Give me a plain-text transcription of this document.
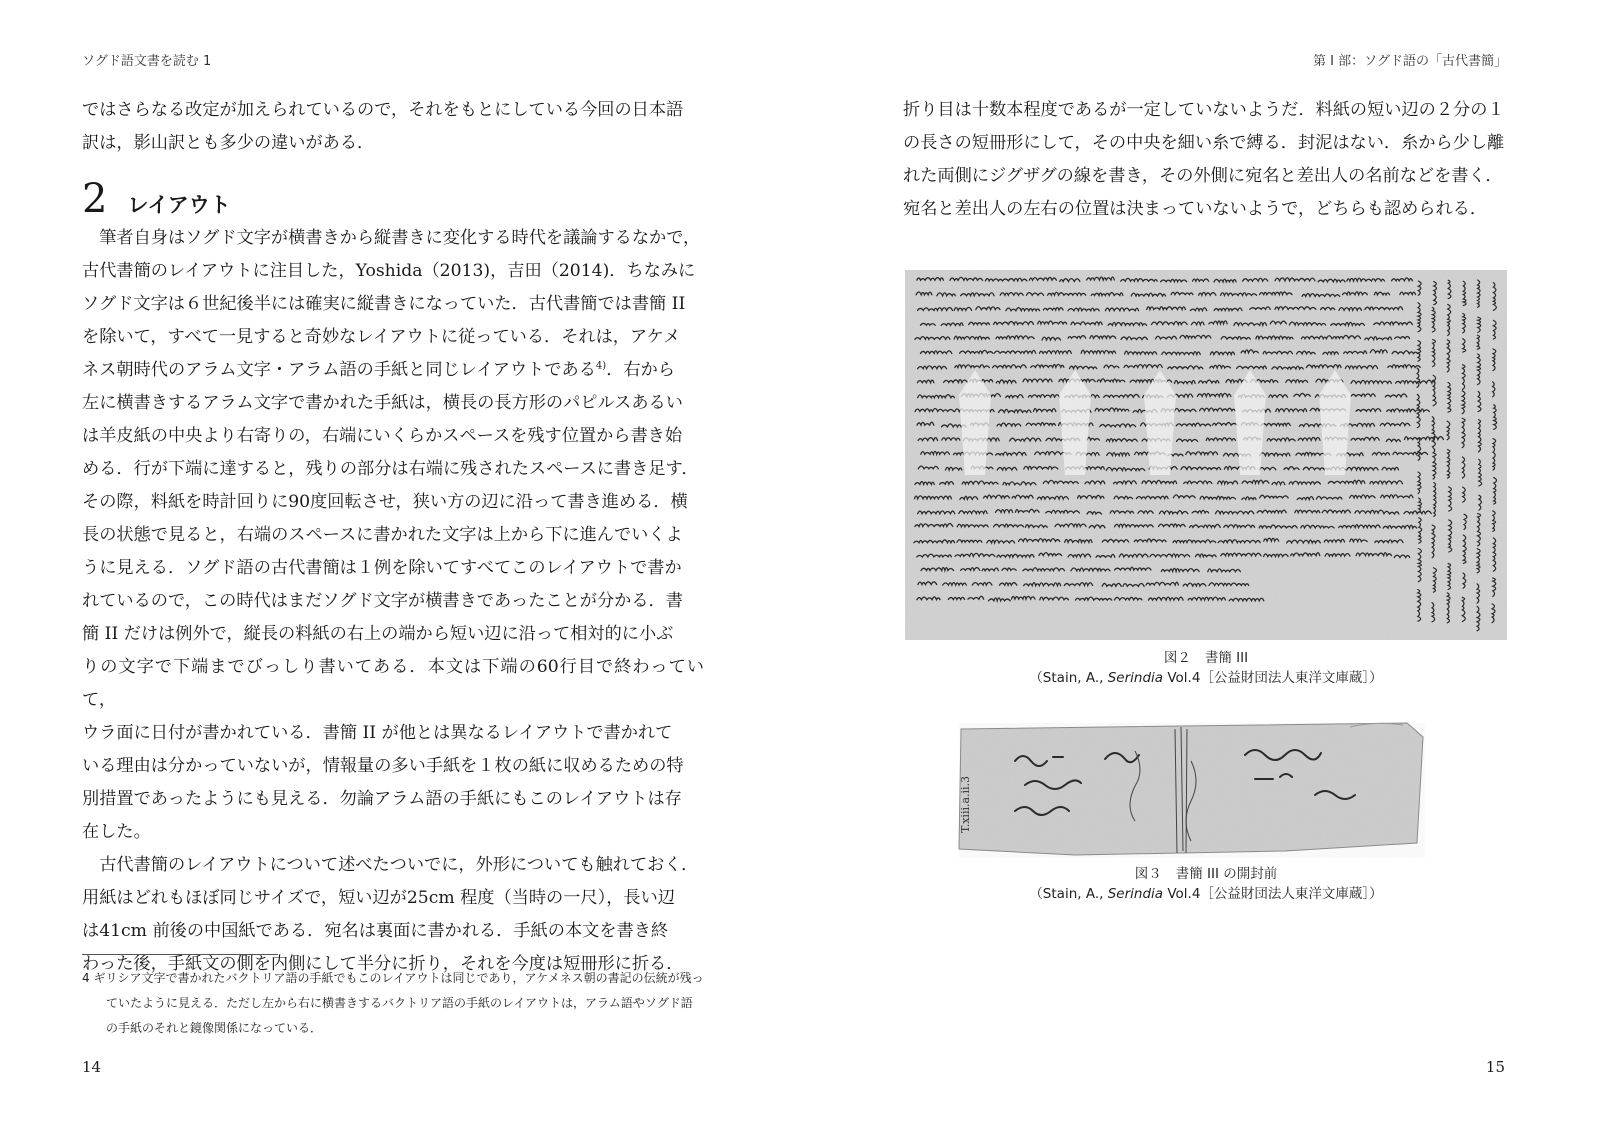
ソグド語文書を読む 1

ではさらなる改定が加えられているので，それをもとにしている今回の日本語

訳は，影山訳とも多少の違いがある．

2 レイアウト

筆者自身はソグド文字が横書きから縦書きに変化する時代を議論するなかで，

古代書簡のレイアウトに注目した，Yoshida（2013)，吉田（2014)．ちなみに

ソグド文字は６世紀後半には確実に縦書きになっていた．古代書簡では書簡 II

を除いて，すべて一見すると奇妙なレイアウトに従っている．それは，アケメ

ネス朝時代のアラム文字・アラム語の手紙と同じレイアウトである$^{4)}$．右から

左に横書きするアラム文字で書かれた手紙は，横長の長方形のパピルスあるい

は羊皮紙の中央より右寄りの，右端にいくらかスペースを残す位置から書き始

める．行が下端に達すると，残りの部分は右端に残されたスペースに書き足す．

その際，料紙を時計回りに90度回転させ，狭い方の辺に沿って書き進める．横

長の状態で見ると，右端のスペースに書かれた文字は上から下に進んでいくよ

うに見える．ソグド語の古代書簡は１例を除いてすべてこのレイアウトで書か

れているので，この時代はまだソグド文字が横書きであったことが分かる．書

簡 II だけは例外で，縦長の料紙の右上の端から短い辺に沿って相対的に小ぶ

りの文字で下端までびっしり書いてある．本文は下端の60行目で終わっていて，

ウラ面に日付が書かれている．書簡 II が他とは異なるレイアウトで書かれて

いる理由は分かっていないが，情報量の多い手紙を１枚の紙に収めるための特

別措置であったようにも見える．勿論アラム語の手紙にもこのレイアウトは存

在した。

古代書簡のレイアウトについて述べたついでに，外形についても触れておく．

用紙はどれもほぼ同じサイズで，短い辺が25cm 程度（当時の一尺），長い辺

は41cm 前後の中国紙である．宛名は裏面に書かれる．手紙の本文を書き終

わった後，手紙文の側を内側にして半分に折り，それを今度は短冊形に折る．

4 ギリシア文字で書かれたバクトリア語の手紙でもこのレイアウトは同じであり，アケメネス朝の書記の伝統が残っていたように見える．ただし左から右に横書きするバクトリア語の手紙のレイアウトは，アラム語やソグド語の手紙のそれと鏡像関係になっている．
14
第 I 部：ソグド語の「古代書簡」

折り目は十数本程度であるが一定していないようだ．料紙の短い辺の２分の１

の長さの短冊形にして，その中央を細い糸で縛る．封泥はない．糸から少し離

れた両側にジグザグの線を書き，その外側に宛名と差出人の名前などを書く．

宛名と差出人の左右の位置は決まっていないようで，どちらも認められる．

図２ 書簡 III
（Stain, A., Serindia Vol.4［公益財団法人東洋文庫蔵］）
T.xiii.a.ii.3
図３ 書簡 III の開封前
（Stain, A., Serindia Vol.4［公益財団法人東洋文庫蔵］）
15
